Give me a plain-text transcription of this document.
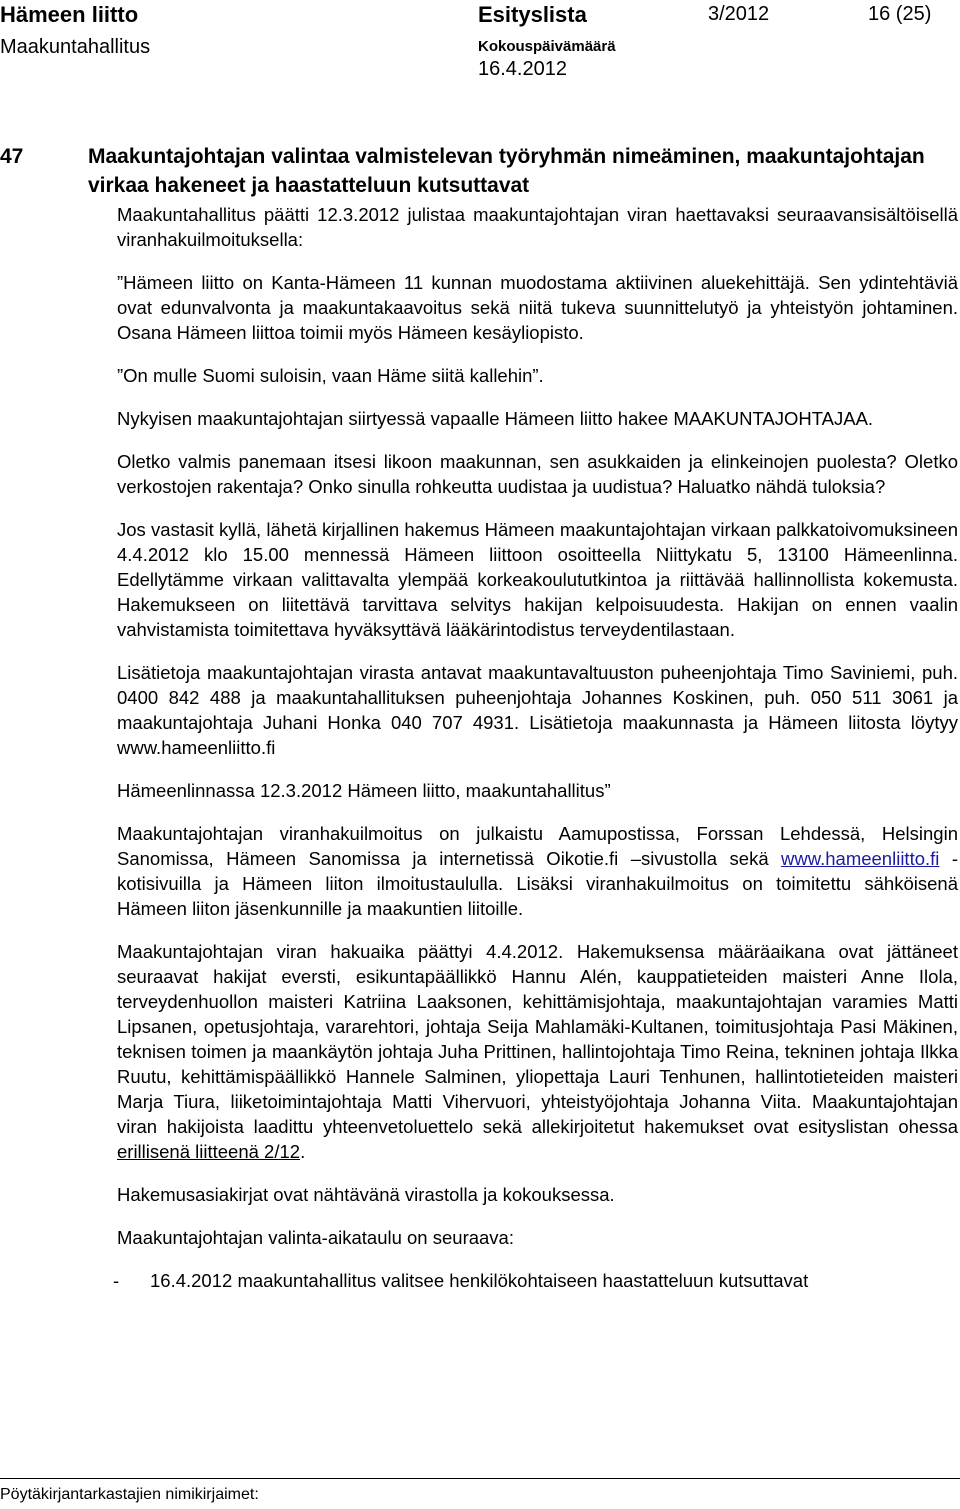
Hämeen liitto	Esityslista	3/2012	16 (25)
Maakuntahallitus	Kokouspäivämäärä
16.4.2012
47	Maakuntajohtajan valintaa valmistelevan työryhmän nimeäminen, maakuntajohtajan virkaa hakeneet ja haastatteluun kutsuttavat

Maakuntahallitus päätti 12.3.2012 julistaa maakuntajohtajan viran haettavaksi seuraavansisältöisellä viranhakuilmoituksella:

”Hämeen liitto on Kanta-Hämeen 11 kunnan muodostama aktiivinen aluekehittäjä. Sen ydintehtäviä ovat edunvalvonta ja maakuntakaavoitus sekä niitä tukeva suunnittelutyö ja yhteistyön johtaminen. Osana Hämeen liittoa toimii myös Hämeen kesäyliopisto.

”On mulle Suomi suloisin, vaan Häme siitä kallehin”.

Nykyisen maakuntajohtajan siirtyessä vapaalle Hämeen liitto hakee MAAKUNTAJOHTAJAA.

Oletko valmis panemaan itsesi likoon maakunnan, sen asukkaiden ja elinkeinojen puolesta? Oletko verkostojen rakentaja? Onko sinulla rohkeutta uudistaa ja uudistua? Haluatko nähdä tuloksia?

Jos vastasit kyllä, lähetä kirjallinen hakemus Hämeen maakuntajohtajan virkaan palkkatoivomuksineen 4.4.2012 klo 15.00 mennessä Hämeen liittoon osoitteella Niittykatu 5, 13100 Hämeenlinna. Edellytämme virkaan valittavalta ylempää korkeakoulututkintoa ja riittävää hallinnollista kokemusta. Hakemukseen on liitettävä tarvittava selvitys hakijan kelpoisuudesta. Hakijan on ennen vaalin vahvistamista toimitettava hyväksyttävä lääkärintodistus terveydentilastaan.

Lisätietoja maakuntajohtajan virasta antavat maakuntavaltuuston puheenjohtaja Timo Saviniemi, puh. 0400 842 488 ja maakuntahallituksen puheenjohtaja Johannes Koskinen, puh. 050 511 3061 ja maakuntajohtaja Juhani Honka 040 707 4931. Lisätietoja maakunnasta ja Hämeen liitosta löytyy www.hameenliitto.fi

Hämeenlinnassa 12.3.2012 Hämeen liitto, maakuntahallitus”

Maakuntajohtajan viranhakuilmoitus on julkaistu Aamupostissa, Forssan Lehdessä, Helsingin Sanomissa, Hämeen Sanomissa ja internetissä Oikotie.fi –sivustolla sekä www.hameenliitto.fi -kotisivuilla ja Hämeen liiton ilmoitustaululla. Lisäksi viranhakuilmoitus on toimitettu sähköisenä Hämeen liiton jäsenkunnille ja maakuntien liitoille.

Maakuntajohtajan viran hakuaika päättyi 4.4.2012. Hakemuksensa määräaikana ovat jättäneet seuraavat hakijat eversti, esikuntapäällikkö Hannu Alén, kauppatieteiden maisteri Anne Ilola, terveydenhuollon maisteri Katriina Laaksonen, kehittämisjohtaja, maakuntajohtajan varamies Matti Lipsanen, opetusjohtaja, vararehtori, johtaja Seija Mahlamäki-Kultanen, toimitusjohtaja Pasi Mäkinen, teknisen toimen ja maankäytön johtaja Juha Prittinen, hallintojohtaja Timo Reina, tekninen johtaja Ilkka Ruutu, kehittämispäällikkö Hannele Salminen, yliopettaja Lauri Tenhunen, hallintotieteiden maisteri Marja Tiura, liiketoimintajohtaja Matti Vihervuori, yhteistyöjohtaja Johanna Viita. Maakuntajohtajan viran hakijoista laadittu yhteenvetoluettelo sekä allekirjoitetut hakemukset ovat esityslistan ohessa erillisenä liitteenä 2/12.

Hakemusasiakirjat ovat nähtävänä virastolla ja kokouksessa.

Maakuntajohtajan valinta-aikataulu on seuraava:

- 16.4.2012 maakuntahallitus valitsee henkilökohtaiseen haastatteluun kutsuttavat

Pöytäkirjantarkastajien nimikirjaimet:
